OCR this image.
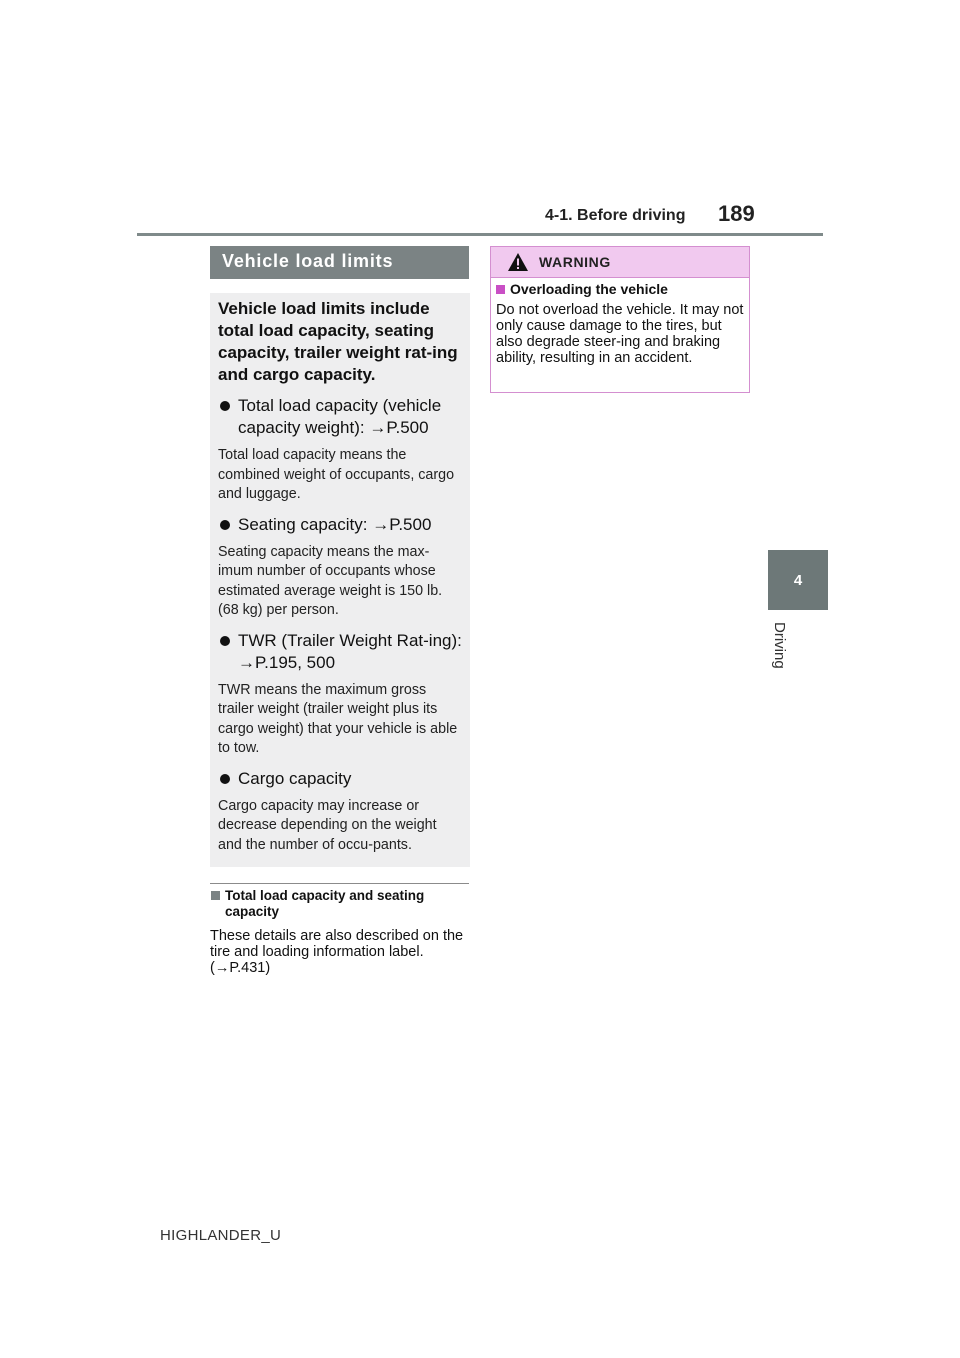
4-1. Before driving 189
4
Driving
Vehicle load limits

Vehicle load limits include total load capacity, seating capacity, trailer weight rat-ing and cargo capacity.

Total load capacity (vehicle capacity weight): →P.500

Total load capacity means the combined weight of occupants, cargo and luggage.

Seating capacity: →P.500

Seating capacity means the max-imum number of occupants whose estimated average weight is 150 lb. (68 kg) per person.

TWR (Trailer Weight Rat-ing): →P.195, 500

TWR means the maximum gross trailer weight (trailer weight plus its cargo weight) that your vehicle is able to tow.

Cargo capacity

Cargo capacity may increase or decrease depending on the weight and the number of occu-pants.

Total load capacity and seating capacity
These details are also described on the tire and loading information label. (→P.431)
WARNING
Overloading the vehicle

Do not overload the vehicle. It may not only cause damage to the tires, but also degrade steer-ing and braking ability, resulting in an accident.

HIGHLANDER_U
